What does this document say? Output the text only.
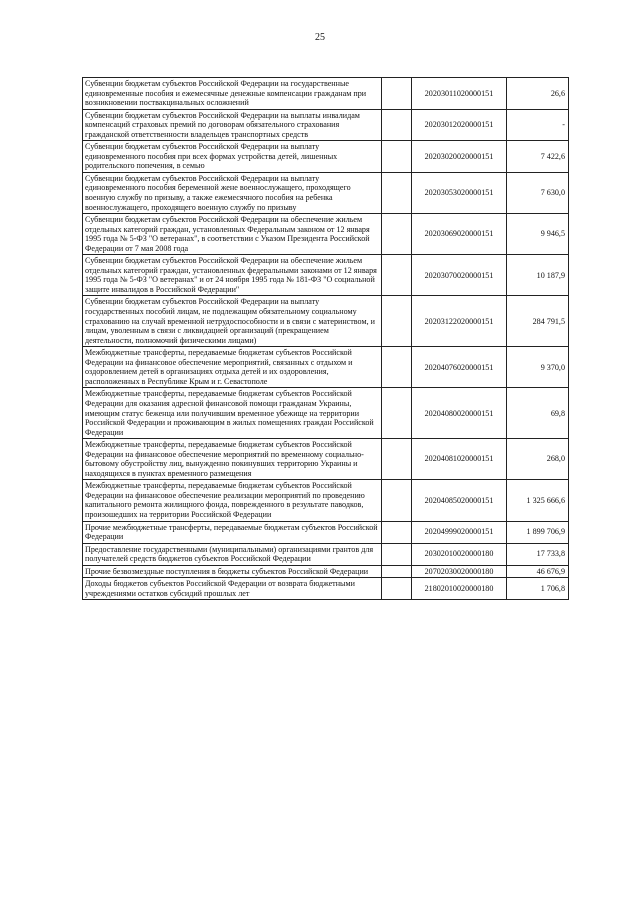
25
Субвенции бюджетам субъектов Российской Федерации на государственные единовременные пособия и ежемесячные денежные компенсации гражданам при возникновении поствакцинальных осложнений		20203011020000151	26,6
Субвенции бюджетам субъектов Российской Федерации на выплаты инвалидам компенсаций страховых премий по договорам обязательного страхования гражданской ответственности владельцев транспортных средств		20203012020000151	-
Субвенции бюджетам субъектов Российской Федерации на выплату единовременного пособия при всех формах устройства детей, лишенных родительского попечения, в семью		20203020020000151	7 422,6
Субвенции бюджетам субъектов Российской Федерации на выплату единовременного пособия беременной жене военнослужащего, проходящего военную службу по призыву, а также ежемесячного пособия на ребенка военнослужащего, проходящего военную службу по призыву		20203053020000151	7 630,0
Субвенции бюджетам субъектов Российской Федерации на обеспечение жильем отдельных категорий граждан, установленных Федеральным законом от 12 января 1995 года № 5-ФЗ "О ветеранах", в соответствии с Указом Президента Российской Федерации от 7 мая 2008 года		20203069020000151	9 946,5
Субвенции бюджетам субъектов Российской Федерации на обеспечение жильем отдельных категорий граждан, установленных федеральными законами от 12 января 1995 года № 5-ФЗ "О ветеранах" и от 24 ноября 1995 года № 181-ФЗ "О социальной защите инвалидов в Российской Федерации"		20203070020000151	10 187,9
Субвенции бюджетам субъектов Российской Федерации на выплату государственных пособий лицам, не подлежащим обязательному социальному страхованию на случай временной нетрудоспособности и в связи с материнством, и лицам, уволенным в связи с ликвидацией организаций (прекращением деятельности, полномочий физическими лицами)		20203122020000151	284 791,5
Межбюджетные трансферты, передаваемые бюджетам субъектов Российской Федерации на финансовое обеспечение мероприятий, связанных с отдыхом и оздоровлением детей в организациях отдыха детей и их оздоровления, расположенных в Республике Крым и г. Севастополе		20204076020000151	9 370,0
Межбюджетные трансферты, передаваемые бюджетам субъектов Российской Федерации для оказания адресной финансовой помощи гражданам Украины, имеющим статус беженца или получившим временное убежище на территории Российской Федерации и проживающим в жилых помещениях граждан Российской Федерации		20204080020000151	69,8
Межбюджетные трансферты, передаваемые бюджетам субъектов Российской Федерации на финансовое обеспечение мероприятий по временному социально-бытовому обустройству лиц, вынужденно покинувших территорию Украины и находящихся в пунктах временного размещения		20204081020000151	268,0
Межбюджетные трансферты, передаваемые бюджетам субъектов Российской Федерации на финансовое обеспечение реализации мероприятий по проведению капитального ремонта жилищного фонда, поврежденного в результате паводков, произошедших на территории Российской Федерации		20204085020000151	1 325 666,6
Прочие межбюджетные трансферты, передаваемые бюджетам субъектов Российской Федерации		20204999020000151	1 899 706,9
Предоставление государственными (муниципальными) организациями грантов для получателей средств бюджетов субъектов Российской Федерации		20302010020000180	17 733,8
Прочие безвозмездные поступления в бюджеты субъектов Российской Федерации		20702030020000180	46 676,9
Доходы бюджетов субъектов Российской Федерации от возврата бюджетными учреждениями остатков субсидий прошлых лет		21802010020000180	1 706,8
